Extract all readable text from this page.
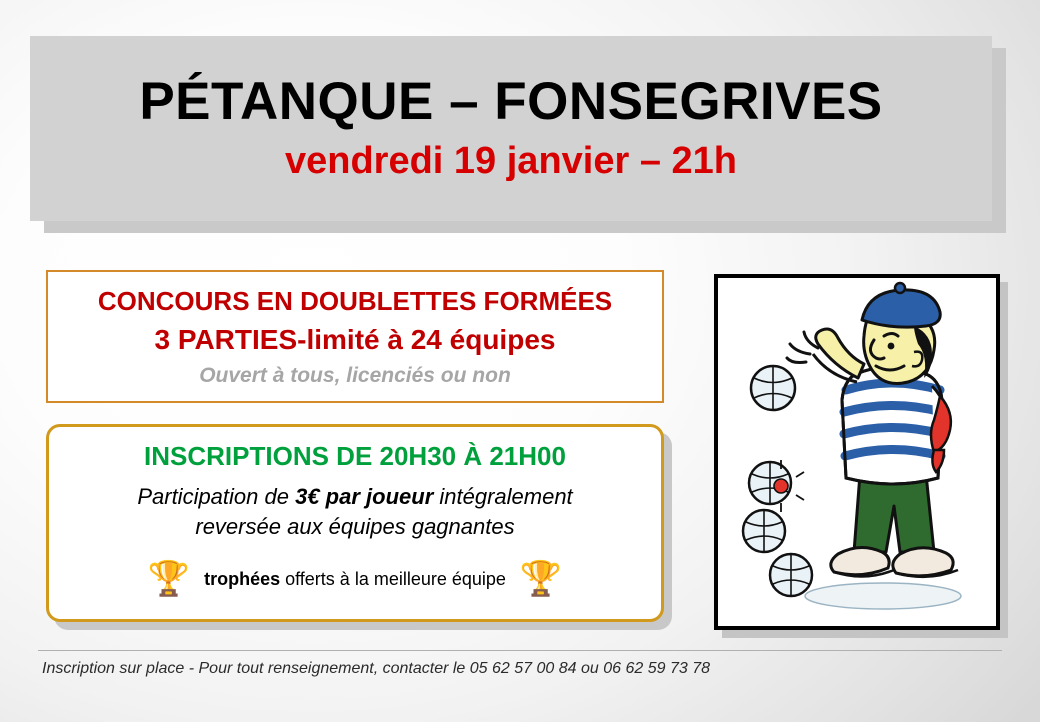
PÉTANQUE – FONSEGRIVES
vendredi 19 janvier – 21h
CONCOURS EN DOUBLETTES FORMÉES
3 PARTIES-limité à 24 équipes
Ouvert à tous, licenciés ou non
INSCRIPTIONS DE 20H30 À 21H00
Participation de 3€ par joueur intégralement
reversée aux équipes gagnantes
🏆 trophées offerts à la meilleure équipe 🏆
Inscription sur place - Pour tout renseignement, contacter le 05 62 57 00 84 ou 06 62 59 73 78
